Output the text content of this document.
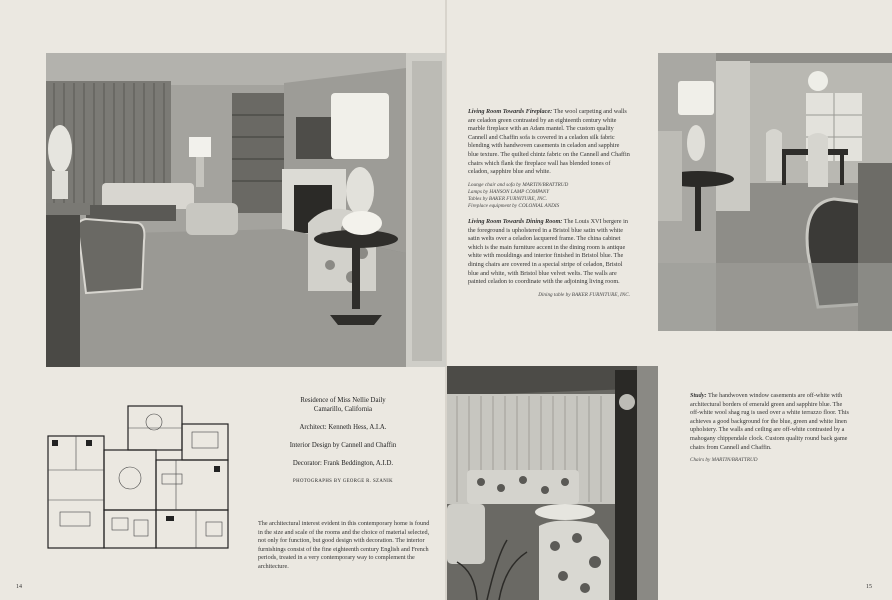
Residence of Miss Nellie Daily
Camarillo, California
Architect: Kenneth Hess, A.I.A.
Interior Design by Cannell and Chaffin
Decorator: Frank Beddington, A.I.D.
PHOTOGRAPHS BY GEORGE R. SZANIK

The architectural interest evident in this contemporary home is found in the size and scale of the rooms and the choice of material selected, not only for function, but good design with decoration. The interior furnishings consist of the fine eighteenth century English and French periods, treated in a very contemporary way to complement the architecture.

14

Living Room Towards Fireplace: The wool carpeting and walls are celadon green contrasted by an eighteenth century white marble fireplace with an Adam mantel. The custom quality Cannell and Chaffin sofa is covered in a celadon silk fabric blending with handwoven casements in celadon and sapphire blue texture. The quilted chintz fabric on the Cannell and Chaffin chairs which flank the fireplace wall has blended tones of celadon, sapphire blue and white.

Lounge chair and sofa by MARTIN/BRATTRUD
Lamps by HANSON LAMP COMPANY
Tables by BAKER FURNITURE, INC.
Fireplace equipment by COLONIAL ANDIS

Living Room Towards Dining Room: The Louis XVI bergere in the foreground is upholstered in a Bristol blue satin with white satin welts over a celadon lacquered frame. The china cabinet which is the main furniture accent in the dining room is antique white with mouldings and interior finished in Bristol blue. The dining chairs are covered in a special stripe of celadon, Bristol blue and white, with Bristol blue velvet welts. The walls are painted celadon to coordinate with the adjoining living room.

Dining table by BAKER FURNITURE, INC.

Study: The handwoven window casements are off-white with architectural borders of emerald green and sapphire blue. The off-white wool shag rug is used over a white terrazzo floor. This achieves a good background for the blue, green and white linen upholstery. The walls and ceiling are off-white contrasted by a mahogany chippendale clock. Custom quality round back game chairs from Cannell and Chaffin.

Chairs by MARTIN/BRATTRUD
15
